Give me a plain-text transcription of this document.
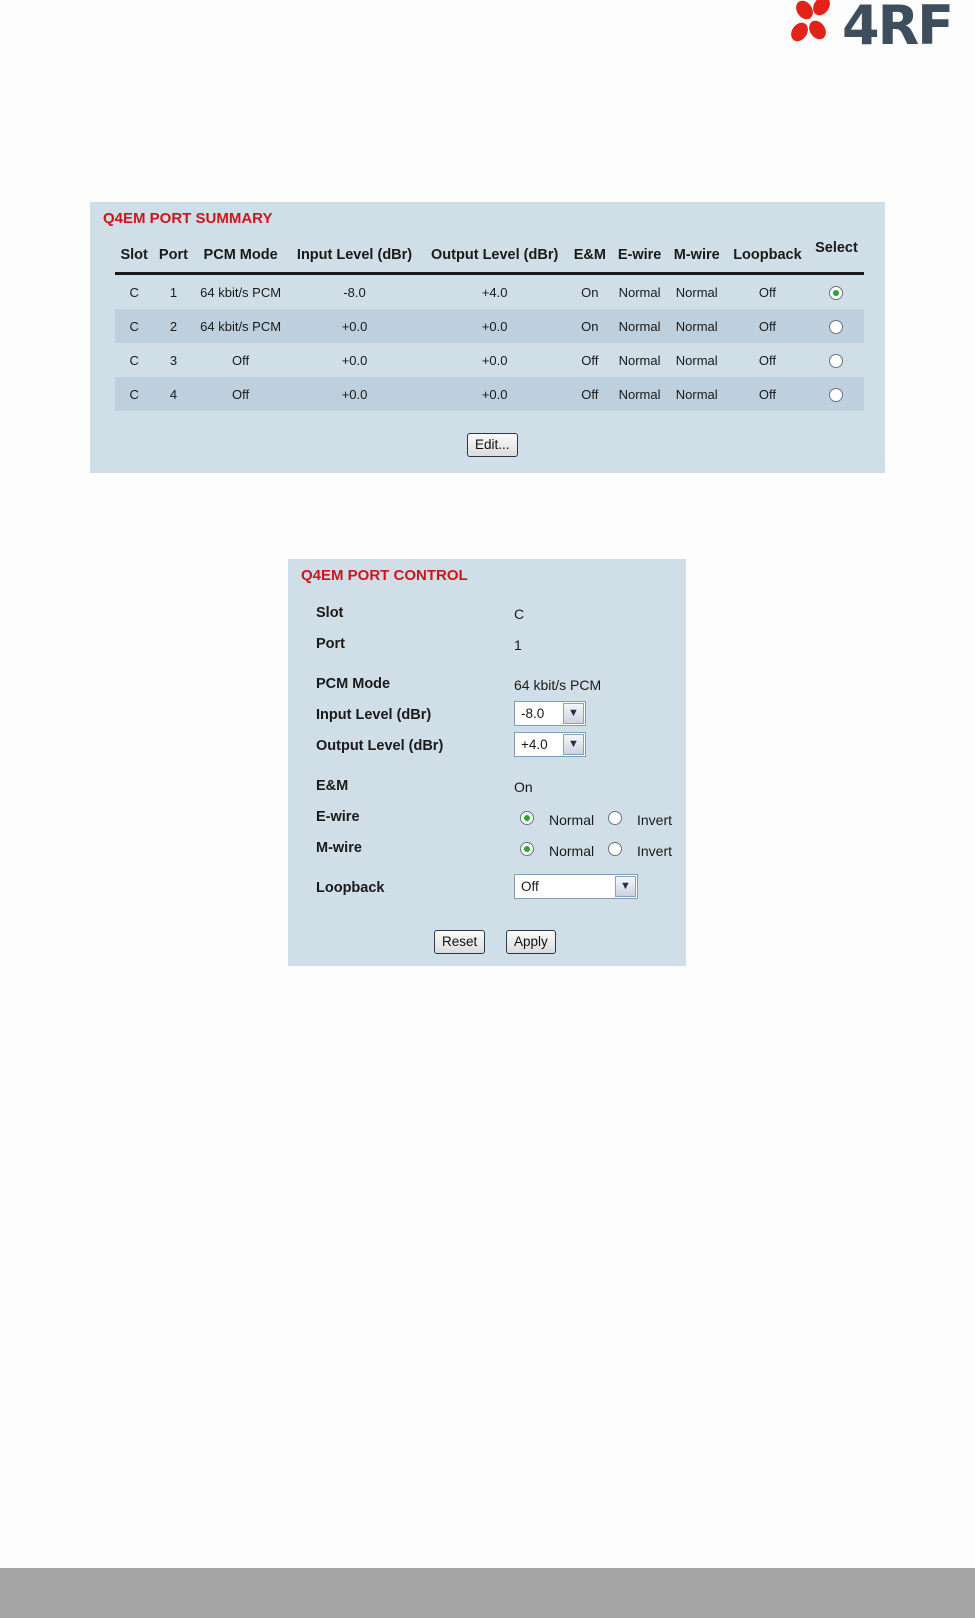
4RF
Q4EM PORT SUMMARY
Slot	Port	PCM Mode	Input Level (dBr)	Output Level (dBr)	E&M	E-wire	M-wire	Loopback	Select
C	1	64 kbit/s PCM	-8.0	+4.0	On	Normal	Normal	Off	
C	2	64 kbit/s PCM	+0.0	+0.0	On	Normal	Normal	Off	
C	3	Off	+0.0	+0.0	Off	Normal	Normal	Off	
C	4	Off	+0.0	+0.0	Off	Normal	Normal	Off	
Edit...
Q4EM PORT CONTROL
Slot	C
Port	1
PCM Mode	64 kbit/s PCM
Input Level (dBr)	-8.0	▼
Output Level (dBr)	+4.0	▼
E&M	On
E-wire	Normal	Invert
M-wire	Normal	Invert
Loopback	Off	▼
Reset	Apply
